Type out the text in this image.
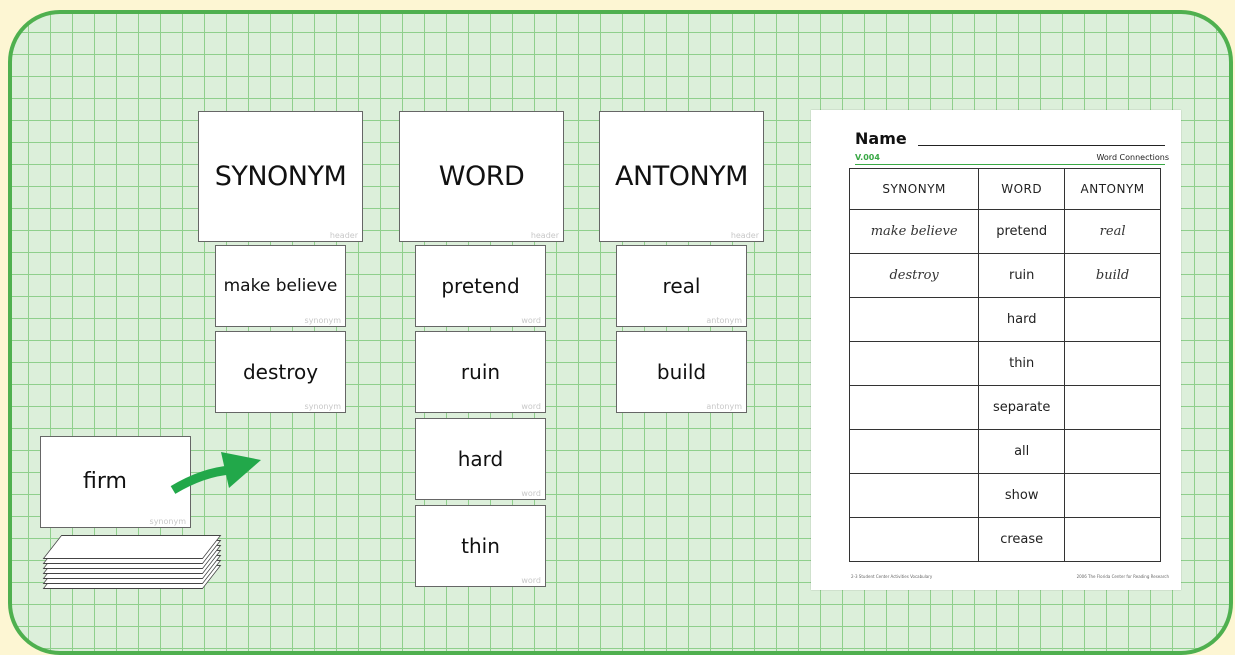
SYNONYM
header
WORD
header
ANTONYM
header
make believe
synonym
destroy
synonym
pretend
word
ruin
word
hard
word
thin
word
real
antonym
build
antonym
firm
synonym
Name
V.004	Word Connections
SYNONYM	WORD	ANTONYM
make believe	pretend	real
destroy	ruin	build
	hard	
	thin	
	separate	
	all	
	show	
	crease	
2-3 Student Center Activities Vocabulary	2006 The Florida Center for Reading Research
